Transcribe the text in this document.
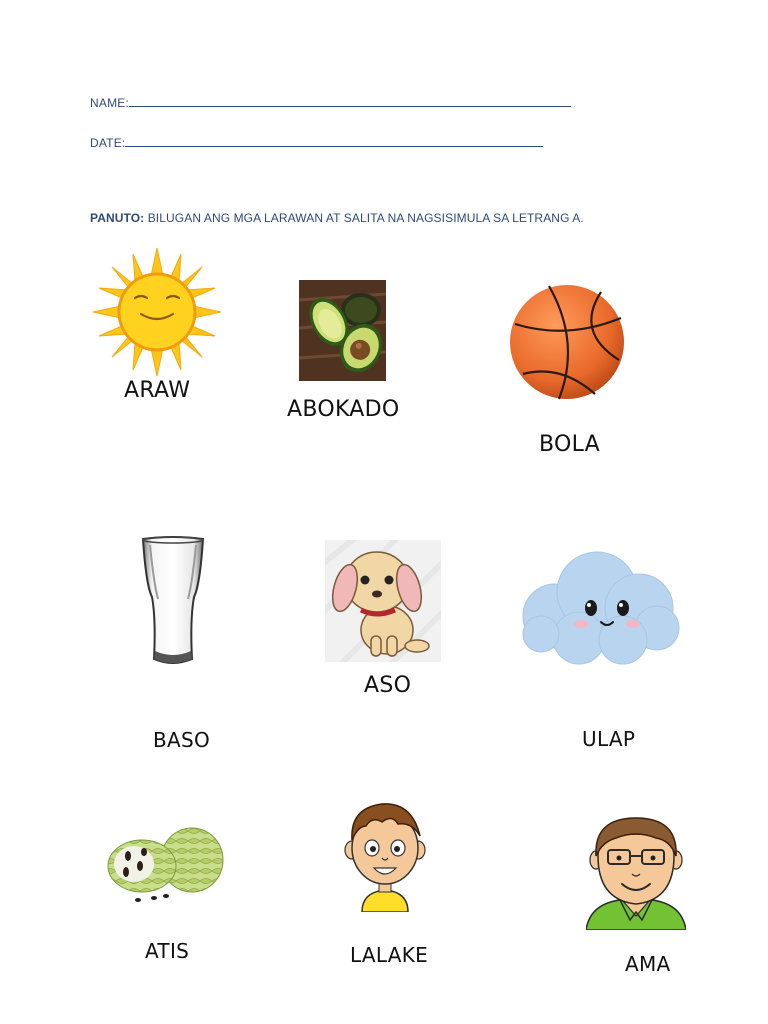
NAME:
DATE:
PANUTO: BILUGAN ANG MGA LARAWAN AT SALITA NA NAGSISIMULA SA LETRANG A.
ARAW
ABOKADO
BOLA
BASO
ASO
ULAP
ATIS	LALAKE	AMA
